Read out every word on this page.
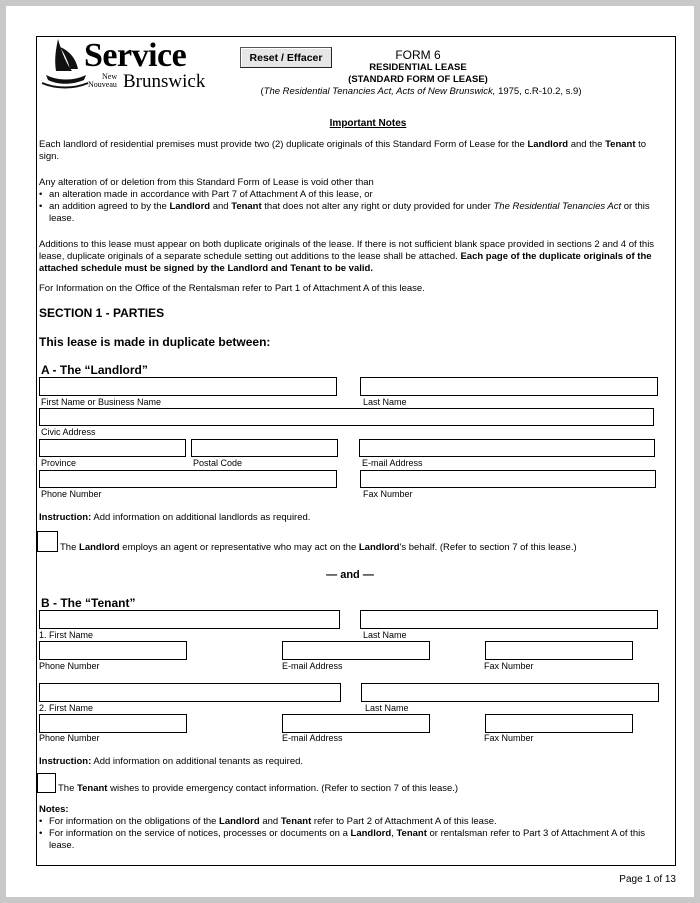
Service
New
Nouveau Brunswick
Reset / Effacer	FORM 6
RESIDENTIAL LEASE
(STANDARD FORM OF LEASE)
(The Residential Tenancies Act, Acts of New Brunswick, 1975, c.R-10.2, s.9)
Important Notes
Each landlord of residential premises must provide two (2) duplicate originals of this Standard Form of Lease for the Landlord and the Tenant to sign.
Any alteration of or deletion from this Standard Form of Lease is void other than
• an alteration made in accordance with Part 7 of Attachment A of this lease, or
• an addition agreed to by the Landlord and Tenant that does not alter any right or duty provided for under The Residential Tenancies Act or this lease.
Additions to this lease must appear on both duplicate originals of the lease. If there is not sufficient blank space provided in sections 2 and 4 of this lease, duplicate originals of a separate schedule setting out additions to the lease shall be attached. Each page of the duplicate originals of the attached schedule must be signed by the Landlord and Tenant to be valid.
For Information on the Office of the Rentalsman refer to Part 1 of Attachment A of this lease.
SECTION 1 - PARTIES
This lease is made in duplicate between:
A - The “Landlord”
First Name or Business Name	Last Name
Civic Address
Province	Postal Code	E-mail Address
Phone Number	Fax Number
Instruction: Add information on additional landlords as required.
The Landlord employs an agent or representative who may act on the Landlord's behalf. (Refer to section 7 of this lease.)
— and —
B - The “Tenant”
1. First Name	Last Name
Phone Number	E-mail Address	Fax Number
2. First Name	Last Name
Phone Number	E-mail Address	Fax Number
Instruction: Add information on additional tenants as required.
The Tenant wishes to provide emergency contact information. (Refer to section 7 of this lease.)
Notes:
• For information on the obligations of the Landlord and Tenant refer to Part 2 of Attachment A of this lease.
• For information on the service of notices, processes or documents on a Landlord, Tenant or rentalsman refer to Part 3 of Attachment A of this lease.
Page 1 of 13
